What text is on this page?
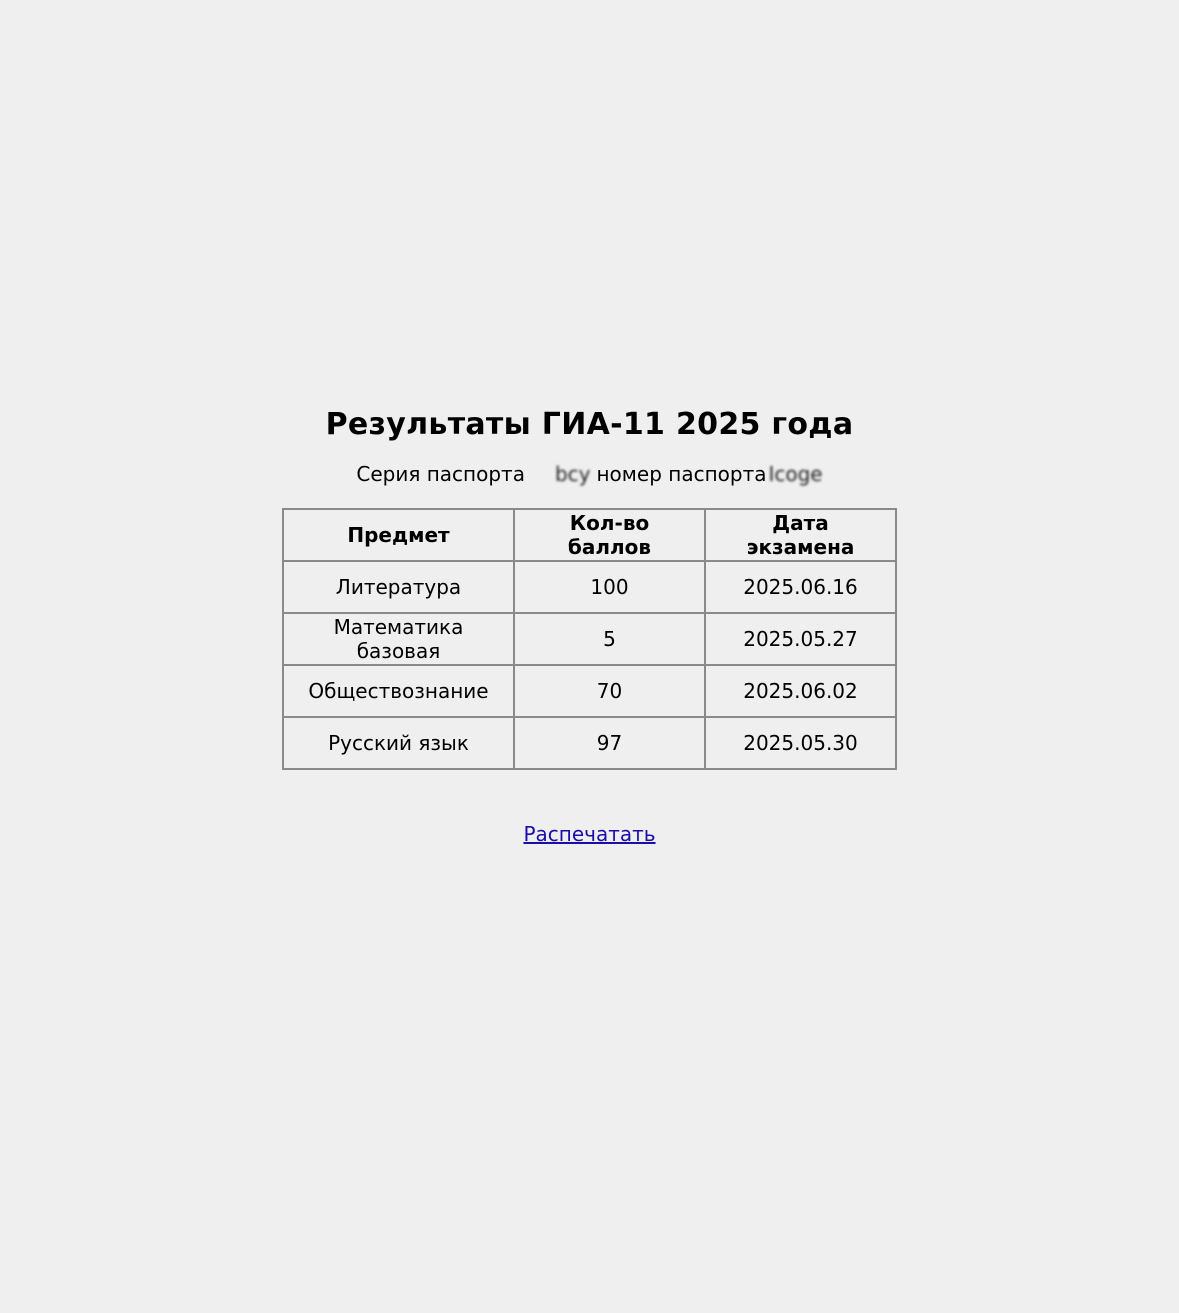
Результаты ГИА-11 2025 года
Серия паспорта bcy номер паспорта Іcoge
Предмет	Кол-во баллов	Дата экзамена
Литература	100	2025.06.16
Математика базовая	5	2025.05.27
Обществознание	70	2025.06.02
Русский язык	97	2025.05.30
Распечатать
